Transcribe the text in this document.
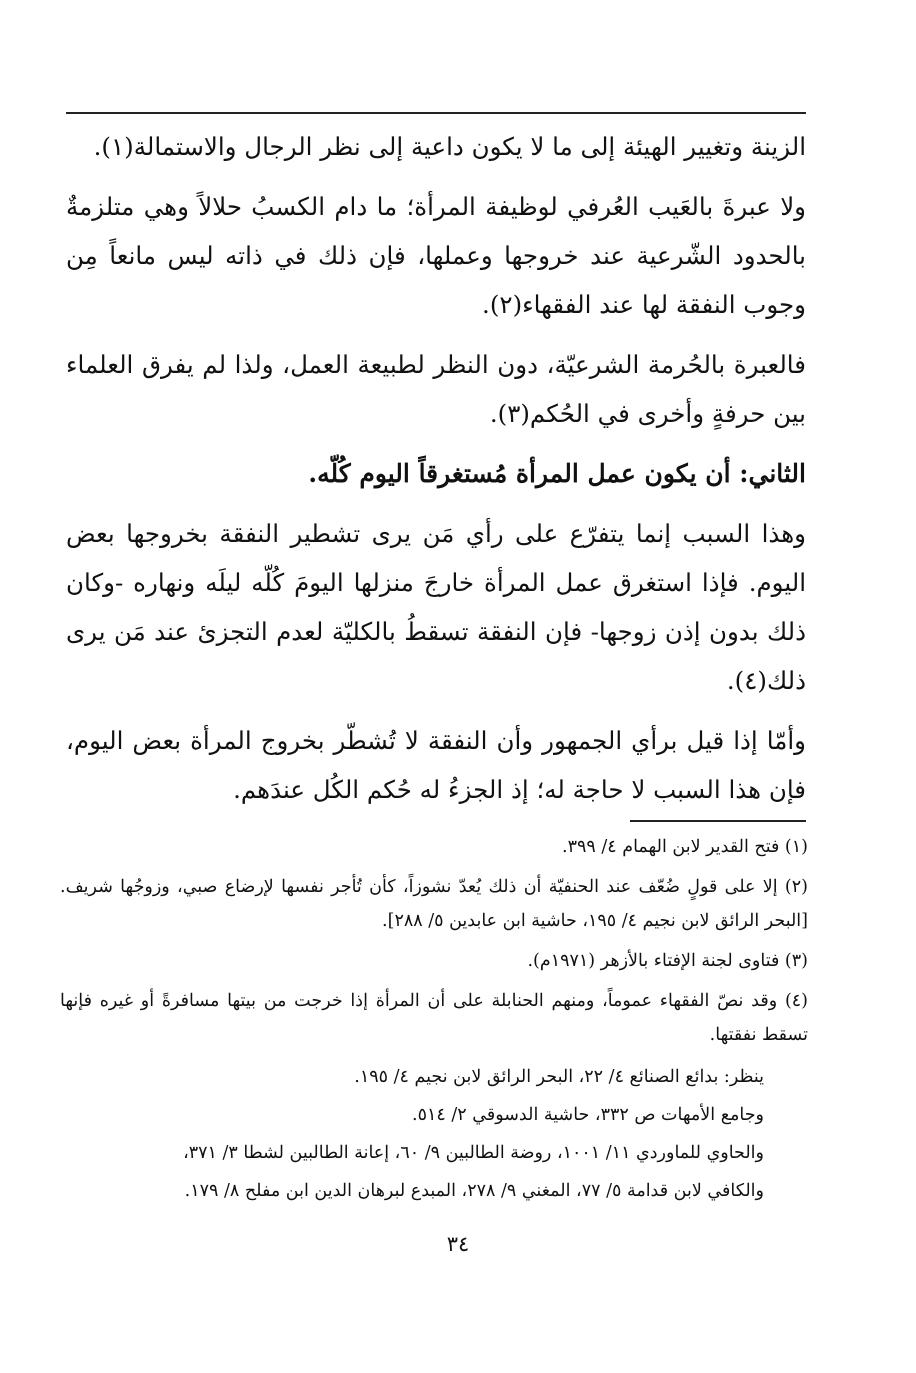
الزينة وتغيير الهيئة إلى ما لا يكون داعية إلى نظر الرجال والاستمالة(١).

ولا عبرةَ بالعَيب العُرفي لوظيفة المرأة؛ ما دام الكسبُ حلالاً وهي متلزمةٌ بالحدود الشّرعية عند خروجها وعملها، فإن ذلك في ذاته ليس مانعاً مِن وجوب النفقة لها عند الفقهاء(٢).

فالعبرة بالحُرمة الشرعيّة، دون النظر لطبيعة العمل، ولذا لم يفرق العلماء بين حرفةٍ وأخرى في الحُكم(٣).

الثاني: أن يكون عمل المرأة مُستغرقاً اليوم كُلّه.

وهذا السبب إنما يتفرّع على رأي مَن يرى تشطير النفقة بخروجها بعض اليوم. فإذا استغرق عمل المرأة خارجَ منزلها اليومَ كُلّه ليلَه ونهاره -وكان ذلك بدون إذن زوجها- فإن النفقة تسقطُ بالكليّة لعدم التجزئ عند مَن يرى ذلك(٤).

وأمّا إذا قيل برأي الجمهور وأن النفقة لا تُشطّر بخروج المرأة بعض اليوم، فإن هذا السبب لا حاجة له؛ إذ الجزءُ له حُكم الكُل عندَهم.

(١) فتح القدير لابن الهمام ٤/ ٣٩٩.

(٢) إلا على قولٍ ضُعّف عند الحنفيّة أن ذلك يُعدّ نشوزاً، كأن تُأجر نفسها لإرضاع صبي، وزوجُها شريف. [البحر الرائق لابن نجيم ٤/ ١٩٥، حاشية ابن عابدين ٥/ ٢٨٨].

(٣) فتاوى لجنة الإفتاء بالأزهر (١٩٧١م).

(٤) وقد نصّ الفقهاء عموماً، ومنهم الحنابلة على أن المرأة إذا خرجت من بيتها مسافرةً أو غيره فإنها تسقط نفقتها.

ينظر: بدائع الصنائع ٤/ ٢٢، البحر الرائق لابن نجيم ٤/ ١٩٥.

وجامع الأمهات ص ٣٣٢، حاشية الدسوقي ٢/ ٥١٤.

والحاوي للماوردي ١١/ ١٠٠١، روضة الطالبين ٩/ ٦٠، إعانة الطالبين لشطا ٣/ ٣٧١،

والكافي لابن قدامة ٥/ ٧٧، المغني ٩/ ٢٧٨، المبدع لبرهان الدين ابن مفلح ٨/ ١٧٩.

٣٤
